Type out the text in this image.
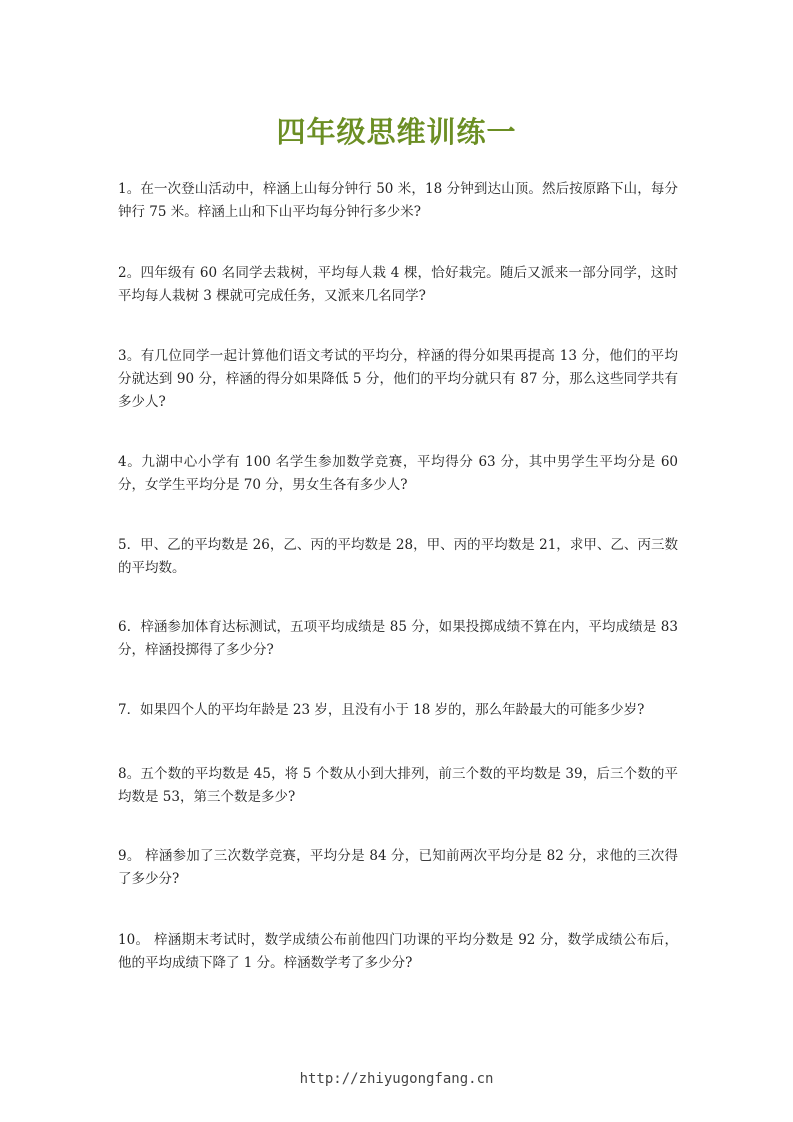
四年级思维训练一
1。在一次登山活动中，梓涵上山每分钟行 50 米，18 分钟到达山顶。然后按原路下山，每分钟行 75 米。梓涵上山和下山平均每分钟行多少米?
2。四年级有 60 名同学去栽树，平均每人栽 4 棵，恰好栽完。随后又派来一部分同学，这时平均每人栽树 3 棵就可完成任务，又派来几名同学?
3。有几位同学一起计算他们语文考试的平均分，梓涵的得分如果再提高 13 分，他们的平均分就达到 90 分，梓涵的得分如果降低 5 分，他们的平均分就只有 87 分，那么这些同学共有多少人?
4。九湖中心小学有 100 名学生参加数学竞赛，平均得分 63 分，其中男学生平均分是 60 分，女学生平均分是 70 分，男女生各有多少人?
5．甲、乙的平均数是 26，乙、丙的平均数是 28，甲、丙的平均数是 21，求甲、乙、丙三数的平均数。
6．梓涵参加体育达标测试，五项平均成绩是 85 分，如果投掷成绩不算在内，平均成绩是 83 分，梓涵投掷得了多少分?
7．如果四个人的平均年龄是 23 岁，且没有小于 18 岁的，那么年龄最大的可能多少岁?
8。五个数的平均数是 45，将 5 个数从小到大排列，前三个数的平均数是 39，后三个数的平均数是 53，第三个数是多少?
9。 梓涵参加了三次数学竞赛，平均分是 84 分，已知前两次平均分是 82 分，求他的三次得了多少分?
10。 梓涵期末考试时，数学成绩公布前他四门功课的平均分数是 92 分，数学成绩公布后，他的平均成绩下降了 1 分。梓涵数学考了多少分?
http://zhiyugongfang.cn
